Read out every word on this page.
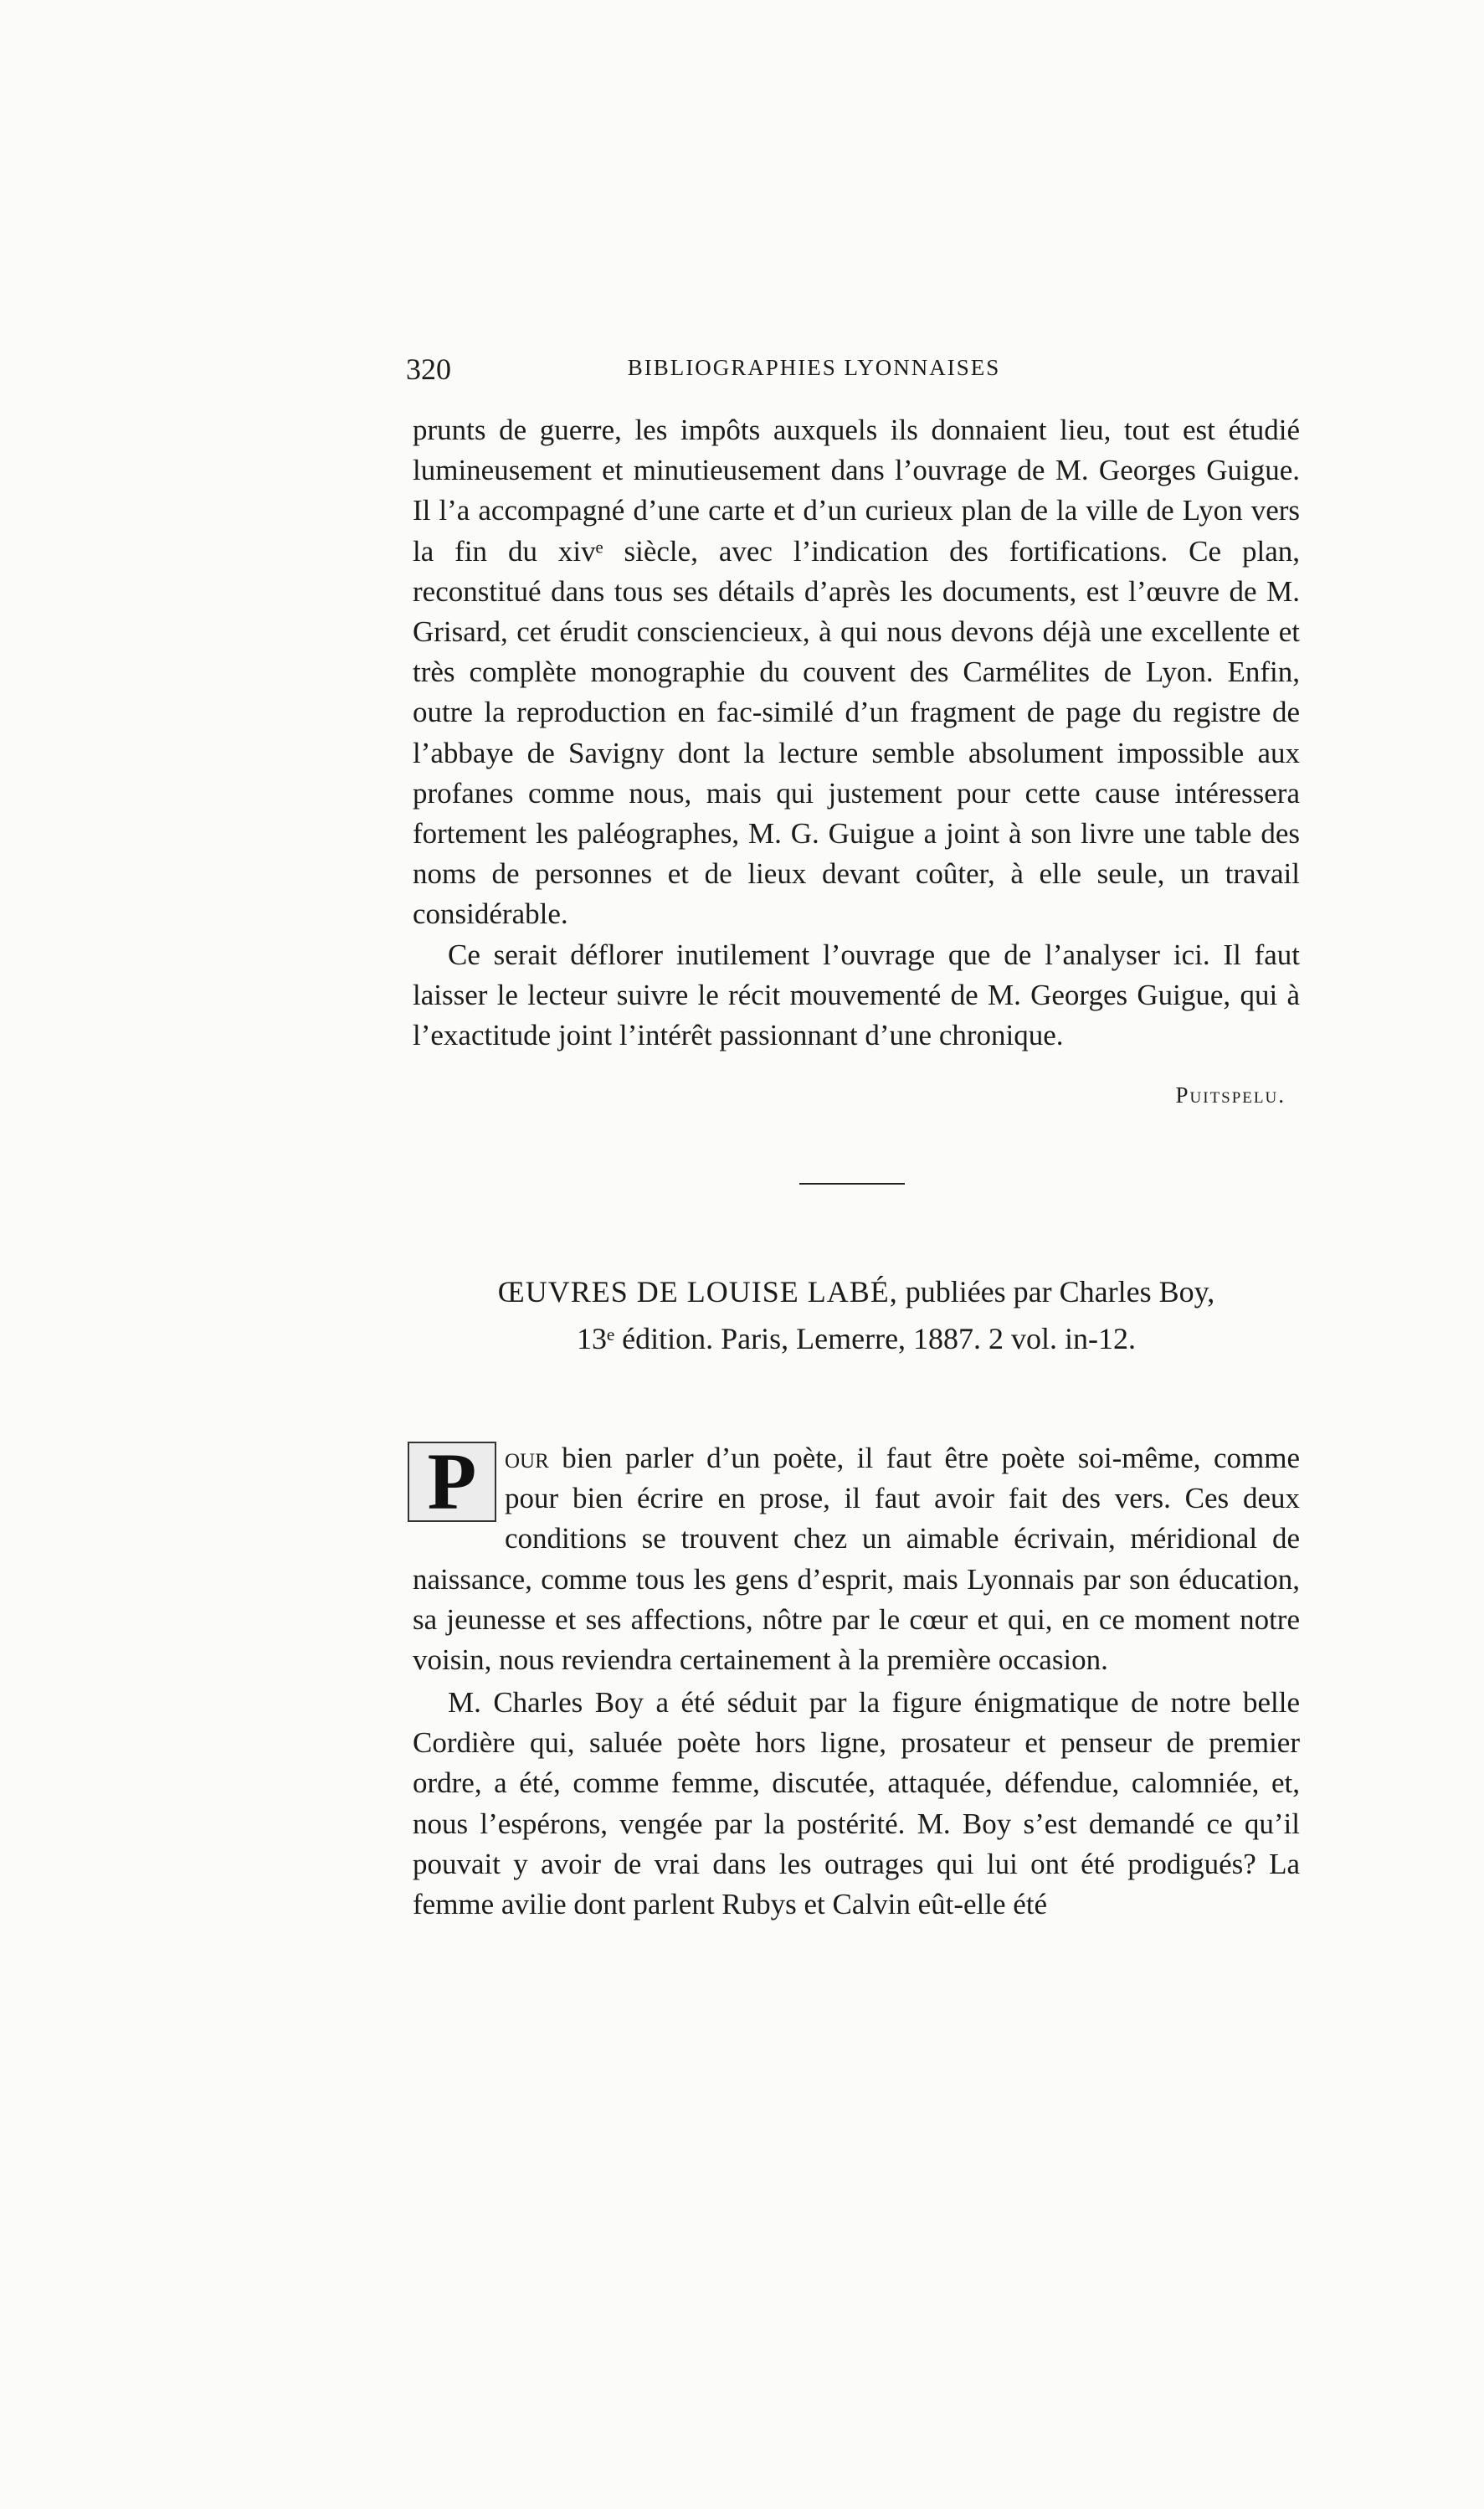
320	BIBLIOGRAPHIES LYONNAISES
prunts de guerre, les impôts auxquels ils donnaient lieu, tout est étudié lumineusement et minutieusement dans l’ouvrage de M. Georges Guigue. Il l’a accompagné d’une carte et d’un curieux plan de la ville de Lyon vers la fin du xivᵉ siècle, avec l’indication des fortifications. Ce plan, reconstitué dans tous ses détails d’après les documents, est l’œuvre de M. Grisard, cet érudit consciencieux, à qui nous devons déjà une excellente et très complète monographie du couvent des Carmélites de Lyon. Enfin, outre la reproduction en fac-similé d’un fragment de page du registre de l’abbaye de Savigny dont la lecture semble absolument impossible aux profanes comme nous, mais qui justement pour cette cause intéressera fortement les paléographes, M. G. Guigue a joint à son livre une table des noms de personnes et de lieux devant coûter, à elle seule, un travail considérable.
Ce serait déflorer inutilement l’ouvrage que de l’analyser ici. Il faut laisser le lecteur suivre le récit mouvementé de M. Georges Guigue, qui à l’exactitude joint l’intérêt passionnant d’une chronique.
Puitspelu.
ŒUVRES DE LOUISE LABÉ, publiées par Charles Boy,
13ᵉ édition. Paris, Lemerre, 1887. 2 vol. in-12.
P our bien parler d’un poète, il faut être poète soi-même, comme pour bien écrire en prose, il faut avoir fait des vers. Ces deux conditions se trouvent chez un aimable écrivain, méridional de naissance, comme tous les gens d’esprit, mais Lyonnais par son éducation, sa jeunesse et ses affections, nôtre par le cœur et qui, en ce moment notre voisin, nous reviendra certainement à la première occasion.
M. Charles Boy a été séduit par la figure énigmatique de notre belle Cordière qui, saluée poète hors ligne, prosateur et penseur de premier ordre, a été, comme femme, discutée, attaquée, défendue, calomniée, et, nous l’espérons, vengée par la postérité. M. Boy s’est demandé ce qu’il pouvait y avoir de vrai dans les outrages qui lui ont été prodigués? La femme avilie dont parlent Rubys et Calvin eût-elle été
